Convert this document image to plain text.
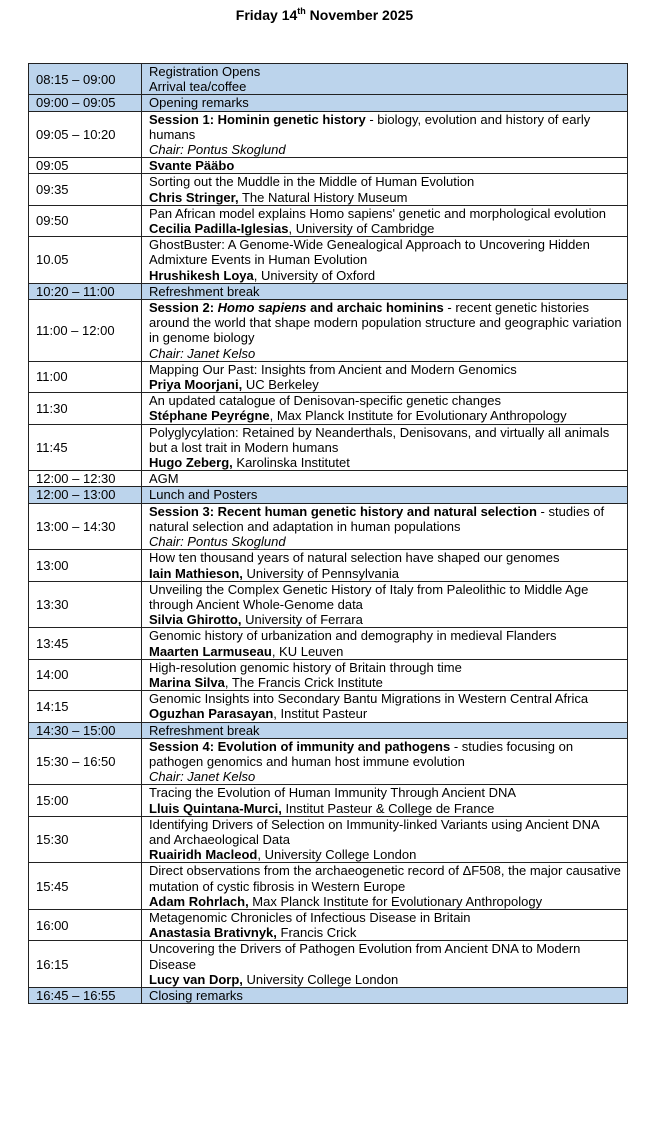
Friday 14th November 2025
08:15 – 09:00	Registration Opens
Arrival tea/coffee

09:00 – 09:05	Opening remarks
09:05 – 10:20	Session 1: Hominin genetic history - biology, evolution and history of early humans
Chair: Pontus Skoglund

09:05	Svante Pääbo
09:35	Sorting out the Muddle in the Middle of Human Evolution
Chris Stringer, The Natural History Museum

09:50	Pan African model explains Homo sapiens' genetic and morphological evolution
Cecilia Padilla-Iglesias, University of Cambridge

10.05	GhostBuster: A Genome-Wide Genealogical Approach to Uncovering Hidden Admixture Events in Human Evolution
Hrushikesh Loya, University of Oxford

10:20 – 11:00	Refreshment break
11:00 – 12:00	Session 2: Homo sapiens and archaic hominins - recent genetic histories around the world that shape modern population structure and geographic variation in genome biology
Chair: Janet Kelso

11:00	Mapping Our Past: Insights from Ancient and Modern Genomics
Priya Moorjani, UC Berkeley

11:30	An updated catalogue of Denisovan-specific genetic changes
Stéphane Peyrégne, Max Planck Institute for Evolutionary Anthropology

11:45	Polyglycylation: Retained by Neanderthals, Denisovans, and virtually all animals but a lost trait in Modern humans
Hugo Zeberg, Karolinska Institutet

12:00 – 12:30	AGM
12:00 – 13:00	Lunch and Posters
13:00 – 14:30	Session 3: Recent human genetic history and natural selection - studies of natural selection and adaptation in human populations
Chair: Pontus Skoglund

13:00	How ten thousand years of natural selection have shaped our genomes
Iain Mathieson, University of Pennsylvania

13:30	Unveiling the Complex Genetic History of Italy from Paleolithic to Middle Age through Ancient Whole-Genome data
Silvia Ghirotto, University of Ferrara

13:45	Genomic history of urbanization and demography in medieval Flanders
Maarten Larmuseau, KU Leuven

14:00	High-resolution genomic history of Britain through time
Marina Silva, The Francis Crick Institute

14:15	Genomic Insights into Secondary Bantu Migrations in Western Central Africa
Oguzhan Parasayan, Institut Pasteur

14:30 – 15:00	Refreshment break
15:30 – 16:50	Session 4: Evolution of immunity and pathogens - studies focusing on pathogen genomics and human host immune evolution
Chair: Janet Kelso

15:00	Tracing the Evolution of Human Immunity Through Ancient DNA
Lluis Quintana-Murci, Institut Pasteur & College de France

15:30	Identifying Drivers of Selection on Immunity-linked Variants using Ancient DNA and Archaeological Data
Ruairidh Macleod, University College London

15:45	Direct observations from the archaeogenetic record of ΔF508, the major causative mutation of cystic fibrosis in Western Europe
Adam Rohrlach, Max Planck Institute for Evolutionary Anthropology

16:00	Metagenomic Chronicles of Infectious Disease in Britain
Anastasia Brativnyk, Francis Crick

16:15	Uncovering the Drivers of Pathogen Evolution from Ancient DNA to Modern Disease
Lucy van Dorp, University College London

16:45 – 16:55	Closing remarks
